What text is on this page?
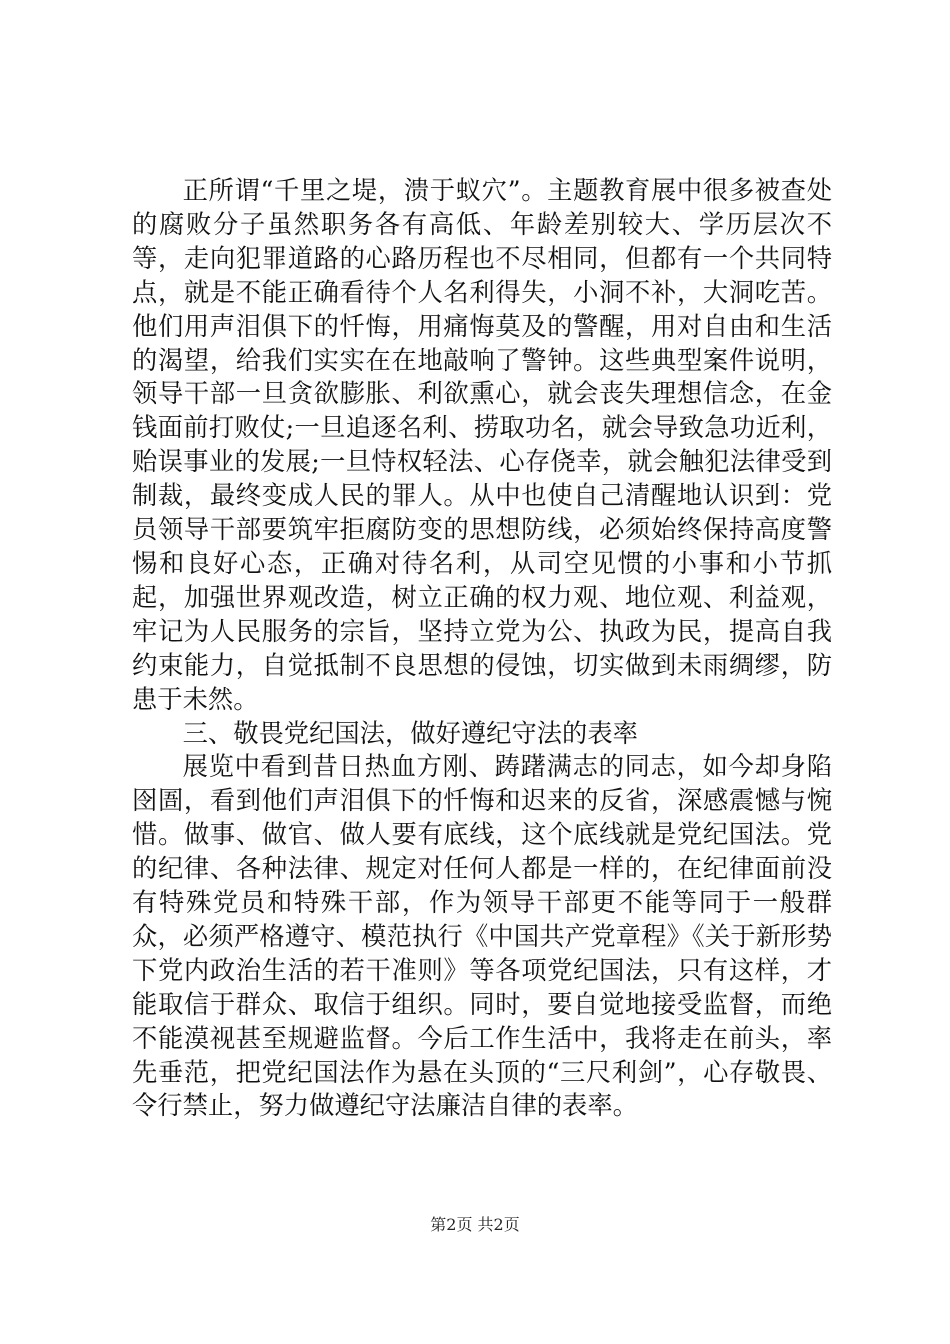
正所谓“千里之堤，溃于蚁穴”。主题教育展中很多被查处的腐败分子虽然职务各有高低、年龄差别较大、学历层次不等，走向犯罪道路的心路历程也不尽相同，但都有一个共同特点，就是不能正确看待个人名利得失，小洞不补，大洞吃苦。他们用声泪俱下的忏悔，用痛悔莫及的警醒，用对自由和生活的渴望，给我们实实在在地敲响了警钟。这些典型案件说明，领导干部一旦贪欲膨胀、利欲熏心，就会丧失理想信念，在金钱面前打败仗;一旦追逐名利、捞取功名，就会导致急功近利，贻误事业的发展;一旦恃权轻法、心存侥幸，就会触犯法律受到制裁，最终变成人民的罪人。从中也使自己清醒地认识到：党员领导干部要筑牢拒腐防变的思想防线，必须始终保持高度警惕和良好心态，正确对待名利，从司空见惯的小事和小节抓起，加强世界观改造，树立正确的权力观、地位观、利益观，牢记为人民服务的宗旨，坚持立党为公、执政为民，提高自我约束能力，自觉抵制不良思想的侵蚀，切实做到未雨绸缪，防患于未然。

三、敬畏党纪国法，做好遵纪守法的表率

展览中看到昔日热血方刚、踌躇满志的同志，如今却身陷囹圄，看到他们声泪俱下的忏悔和迟来的反省，深感震憾与惋惜。做事、做官、做人要有底线，这个底线就是党纪国法。党的纪律、各种法律、规定对任何人都是一样的，在纪律面前没有特殊党员和特殊干部，作为领导干部更不能等同于一般群众，必须严格遵守、模范执行《中国共产党章程》《关于新形势下党内政治生活的若干准则》等各项党纪国法，只有这样，才能取信于群众、取信于组织。同时，要自觉地接受监督，而绝不能漠视甚至规避监督。今后工作生活中，我将走在前头，率先垂范，把党纪国法作为悬在头顶的“三尺利剑”，心存敬畏、令行禁止，努力做遵纪守法廉洁自律的表率。

第2页 共2页
